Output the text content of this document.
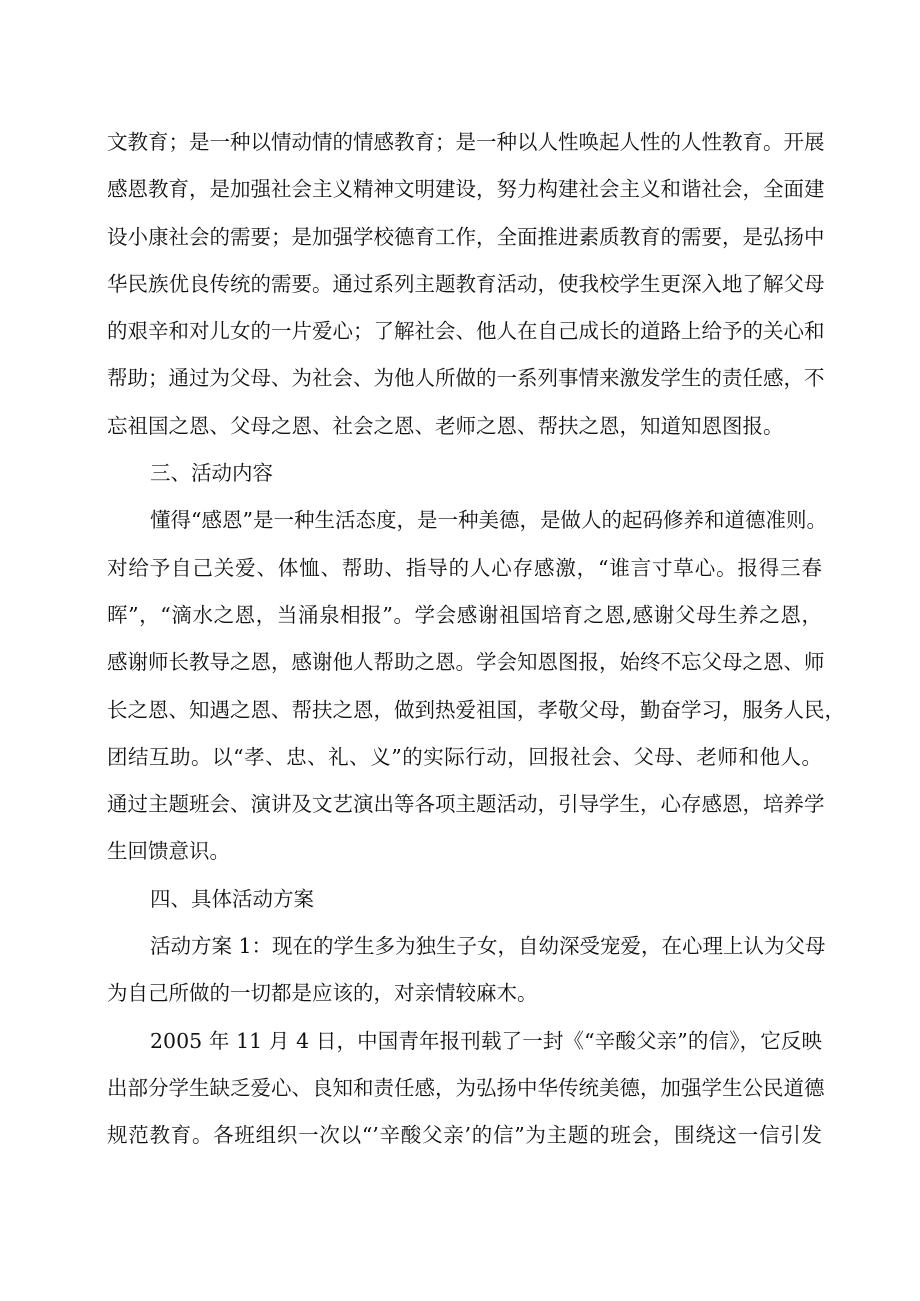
文教育；是一种以情动情的情感教育；是一种以人性唤起人性的人性教育。开展
感恩教育，是加强社会主义精神文明建设，努力构建社会主义和谐社会，全面建
设小康社会的需要；是加强学校德育工作，全面推进素质教育的需要，是弘扬中
华民族优良传统的需要。通过系列主题教育活动，使我校学生更深入地了解父母
的艰辛和对儿女的一片爱心；了解社会、他人在自己成长的道路上给予的关心和
帮助；通过为父母、为社会、为他人所做的一系列事情来激发学生的责任感，不
忘祖国之恩、父母之恩、社会之恩、老师之恩、帮扶之恩，知道知恩图报。
三、活动内容
懂得“感恩”是一种生活态度，是一种美德，是做人的起码修养和道德准则。
对给予自己关爱、体恤、帮助、指导的人心存感激，“谁言寸草心。报得三春
晖”，“滴水之恩，当涌泉相报”。学会感谢祖国培育之恩,感谢父母生养之恩，
感谢师长教导之恩，感谢他人帮助之恩。学会知恩图报，始终不忘父母之恩、师
长之恩、知遇之恩、帮扶之恩，做到热爱祖国，孝敬父母，勤奋学习，服务人民，
团结互助。以“孝、忠、礼、义”的实际行动，回报社会、父母、老师和他人。
通过主题班会、演讲及文艺演出等各项主题活动，引导学生，心存感恩，培养学
生回馈意识。
四、具体活动方案
活动方案 1：现在的学生多为独生子女，自幼深受宠爱，在心理上认为父母
为自己所做的一切都是应该的，对亲情较麻木。
2005 年 11 月 4 日，中国青年报刊载了一封《“辛酸父亲”的信》，它反映
出部分学生缺乏爱心、良知和责任感，为弘扬中华传统美德，加强学生公民道德
规范教育。各班组织一次以“’辛酸父亲’的信”为主题的班会，围绕这一信引发
